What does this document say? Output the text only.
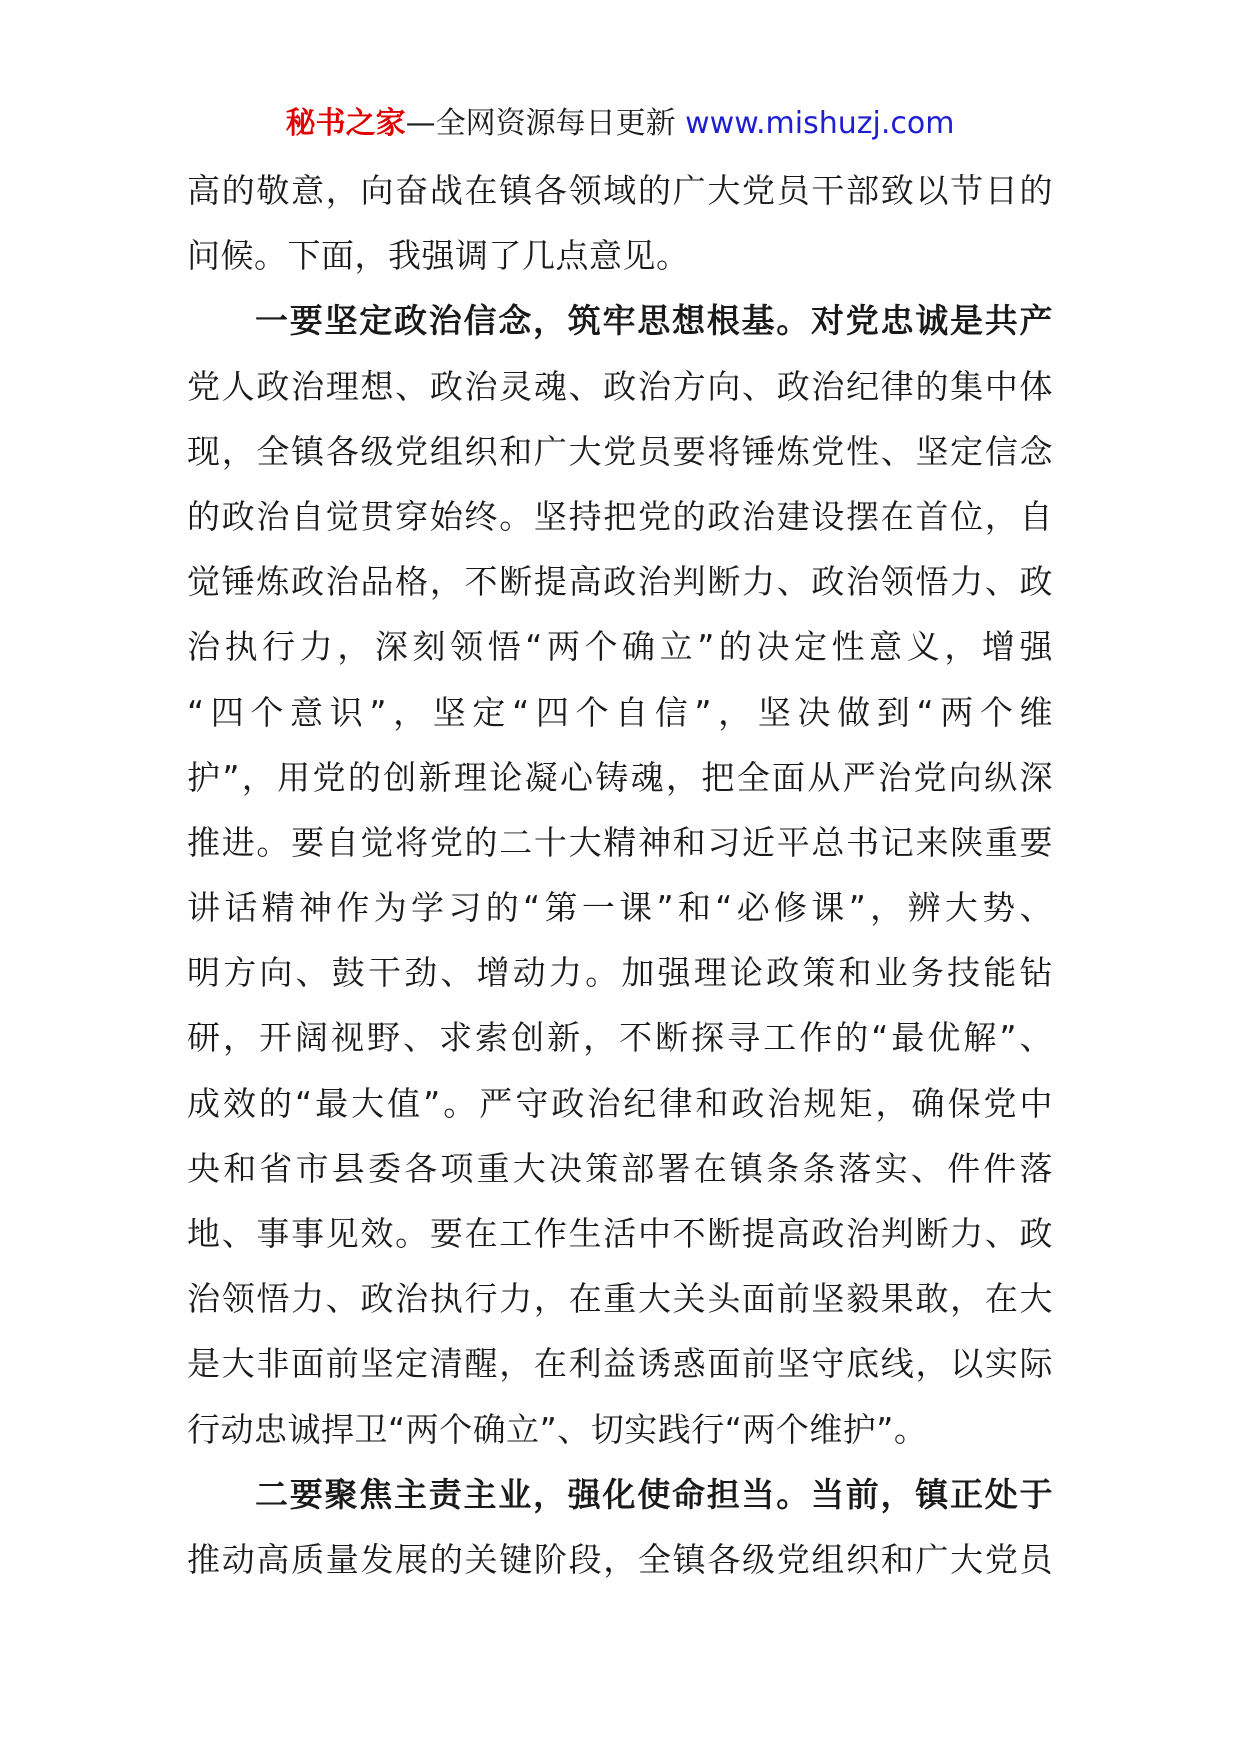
秘书之家—全网资源每日更新 www.mishuzj.com
高的敬意，向奋战在镇各领域的广大党员干部致以节日的
问候。下面，我强调了几点意见。
一要坚定政治信念，筑牢思想根基。对党忠诚是共产
党人政治理想、政治灵魂、政治方向、政治纪律的集中体
现，全镇各级党组织和广大党员要将锤炼党性、坚定信念
的政治自觉贯穿始终。坚持把党的政治建设摆在首位，自
觉锤炼政治品格，不断提高政治判断力、政治领悟力、政
治执行力，深刻领悟“两个确立”的决定性意义，增强
“四个意识”，坚定“四个自信”，坚决做到“两个维
护”，用党的创新理论凝心铸魂，把全面从严治党向纵深
推进。要自觉将党的二十大精神和习近平总书记来陕重要
讲话精神作为学习的“第一课”和“必修课”，辨大势、
明方向、鼓干劲、增动力。加强理论政策和业务技能钻
研，开阔视野、求索创新，不断探寻工作的“最优解”、
成效的“最大值”。严守政治纪律和政治规矩，确保党中
央和省市县委各项重大决策部署在镇条条落实、件件落
地、事事见效。要在工作生活中不断提高政治判断力、政
治领悟力、政治执行力，在重大关头面前坚毅果敢，在大
是大非面前坚定清醒，在利益诱惑面前坚守底线，以实际
行动忠诚捍卫“两个确立”、切实践行“两个维护”。
二要聚焦主责主业，强化使命担当。当前，镇正处于
推动高质量发展的关键阶段，全镇各级党组织和广大党员
